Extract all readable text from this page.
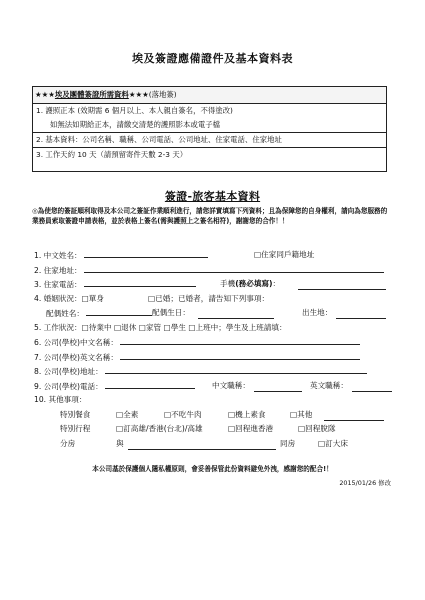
埃及簽證應備證件及基本資料表
★★★埃及團體簽證所需資料★★★(落地簽)
1. 護照正本 (效期需 6 個月以上、本人親自簽名，不得塗改)
如無法如期給正本，請繳交清楚的護照影本或電子檔
2. 基本資料：公司名稱、職稱、公司電話、公司地址、住家電話、住家地址
3. 工作天約 10 天（請預留寄件天數 2-3 天）
簽證-旅客基本資料
◎為使您的簽証順利取得及本公司之簽証作業順利進行，請您詳實填寫下列資料；且為保障您的自身權利，請向為您服務的業務員索取簽證申請表格，並於表格上簽名(需與護照上之簽名相符)，謝謝您的合作！！
1. 中文姓名：	□住家同戶籍地址
2. 住家地址：
3. 住家電話：	手機(務必填寫)：
4. 婚姻狀況：□單身	□已婚；已婚者，請告知下列事項：
配偶姓名：	配偶生日：	出生地：
5. 工作狀況：□待業中 □退休 □家管 □學生 □上班中；學生及上班請填：
6. 公司(學校)中文名稱：
7. 公司(學校)英文名稱：
8. 公司(學校)地址：
9. 公司(學校)電話：	中文職稱：	英文職稱：
10. 其他事項：
特別餐食	□全素	□不吃牛肉	□機上素食	□其他
特別行程	□訂高雄/香港(台北)/高雄	□回程進香港	□回程脫隊
分房	與	同房	□訂大床
本公司基於保護個人隱私權原則，會妥善保管此份資料避免外洩，感謝您的配合!！
2015/01/26 修改
